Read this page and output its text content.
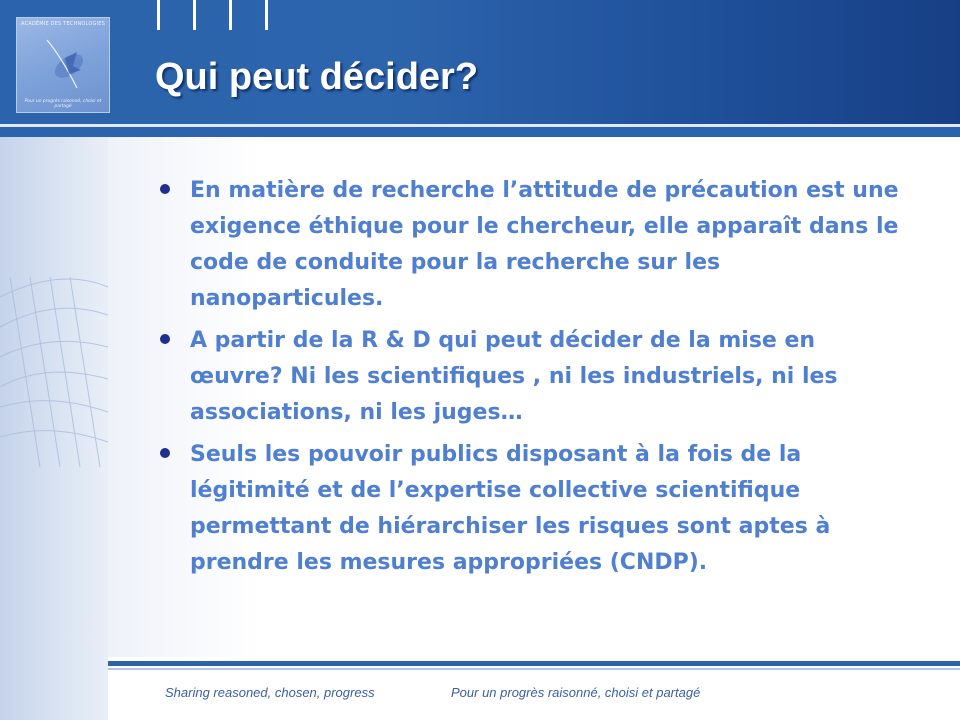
ACADÉMIE DES TECHNOLOGIES
Pour un progrès raisonné, choisi et partagé
Qui peut décider?
En matière de recherche l’attitude de précaution est une exigence éthique pour le chercheur, elle apparaît dans le code de conduite pour la recherche sur les nanoparticules.
A partir de la R & D qui peut décider de la mise en œuvre? Ni les scientifiques , ni les industriels, ni les associations, ni les juges…
Seuls les pouvoir publics disposant à la fois de la légitimité et de l’expertise collective scientifique permettant de hiérarchiser les risques sont aptes à prendre les mesures appropriées (CNDP).
Sharing reasoned, chosen, progress	Pour un progrès raisonné, choisi et partagé
